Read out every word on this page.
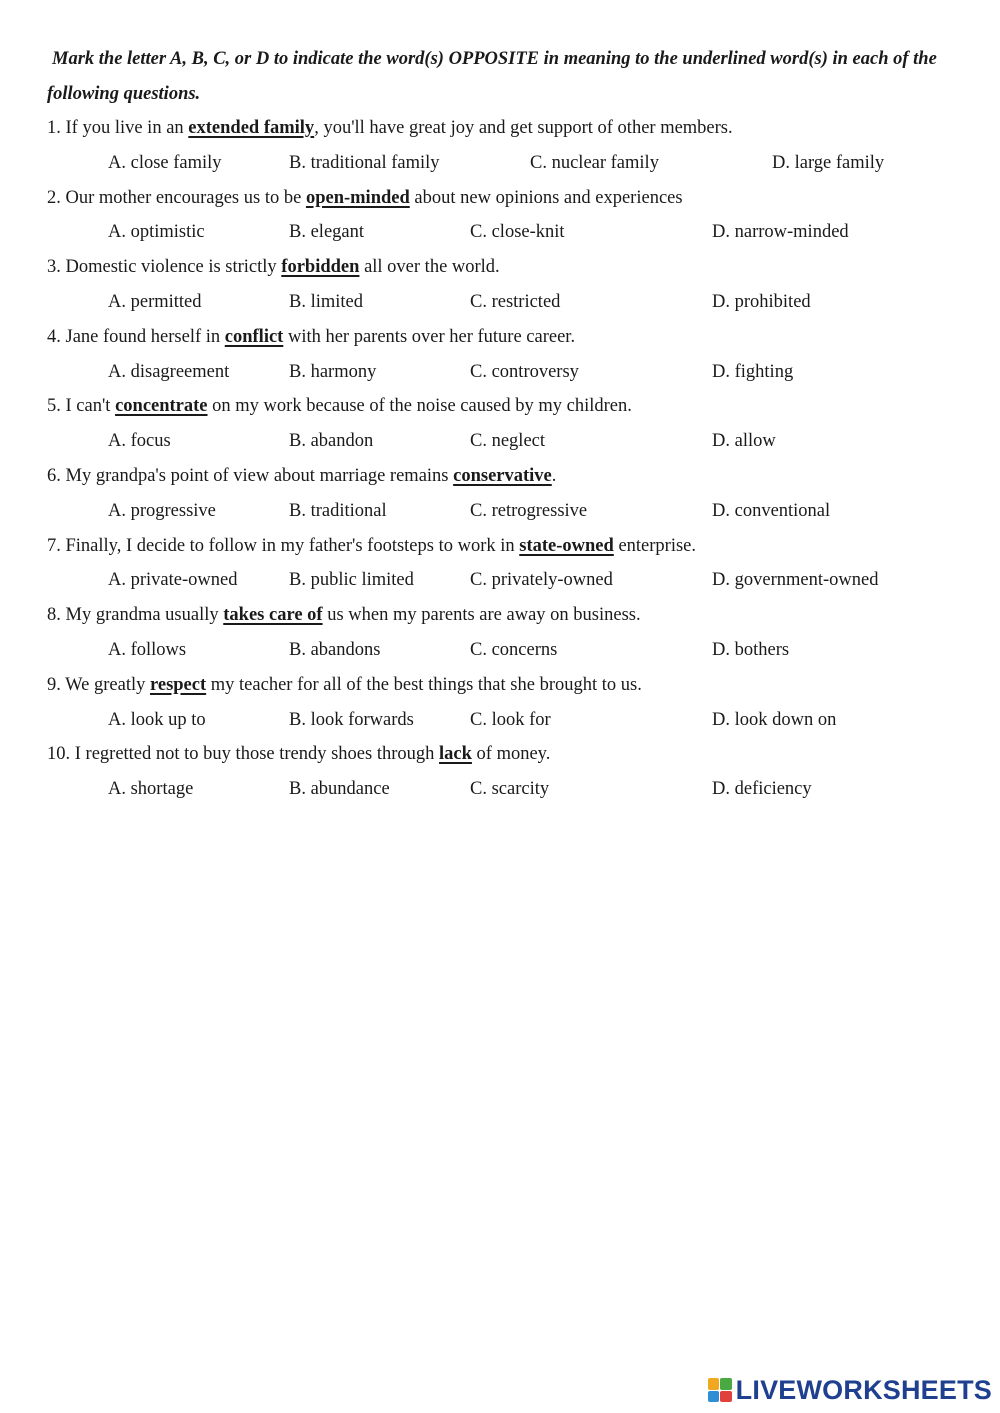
Mark the letter A, B, C, or D to indicate the word(s) OPPOSITE in meaning to the underlined word(s) in each of the following questions.

1. If you live in an extended family, you'll have great joy and get support of other members.
A. close family	B. traditional family	C. nuclear family	D. large family
2. Our mother encourages us to be open-minded about new opinions and experiences
A. optimistic	B. elegant	C. close-knit	D. narrow-minded
3. Domestic violence is strictly forbidden all over the world.
A. permitted	B. limited	C. restricted	D. prohibited
4. Jane found herself in conflict with her parents over her future career.
A. disagreement	B. harmony	C. controversy	D. fighting
5. I can't concentrate on my work because of the noise caused by my children.
A. focus	B. abandon	C. neglect	D. allow
6. My grandpa's point of view about marriage remains conservative.
A. progressive	B. traditional	C. retrogressive	D. conventional
7. Finally, I decide to follow in my father's footsteps to work in state-owned enterprise.
A. private-owned	B. public limited	C. privately-owned	D. government-owned
8. My grandma usually takes care of us when my parents are away on business.
A. follows	B. abandons	C. concerns	D. bothers
9. We greatly respect my teacher for all of the best things that she brought to us.
A. look up to	B. look forwards	C. look for	D. look down on
10. I regretted not to buy those trendy shoes through lack of money.
A. shortage	B. abundance	C. scarcity	D. deficiency
LIVEWORKSHEETS
